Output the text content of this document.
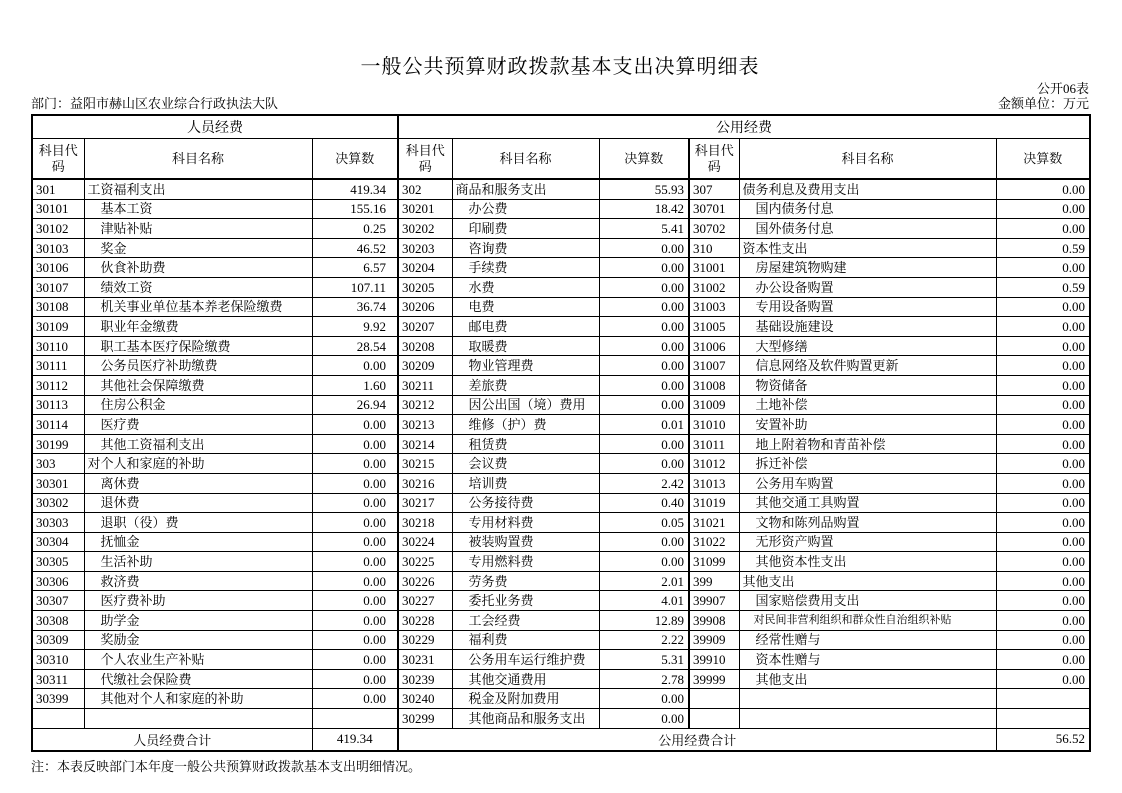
一般公共预算财政拨款基本支出决算明细表
公开06表
部门：益阳市赫山区农业综合行政执法大队	金额单位：万元
人员经费			公用经费					
科目代码	科目名称	决算数	科目代码	科目名称	决算数	科目代码	科目名称	决算数
301	工资福利支出	419.34	302	商品和服务支出	55.93	307	债务利息及费用支出	0.00
30101	　基本工资	155.16	30201	　办公费	18.42	30701	　国内债务付息	0.00
30102	　津贴补贴	0.25	30202	　印刷费	5.41	30702	　国外债务付息	0.00
30103	　奖金	46.52	30203	　咨询费	0.00	310	资本性支出	0.59
30106	　伙食补助费	6.57	30204	　手续费	0.00	31001	　房屋建筑物购建	0.00
30107	　绩效工资	107.11	30205	　水费	0.00	31002	　办公设备购置	0.59
30108	　机关事业单位基本养老保险缴费	36.74	30206	　电费	0.00	31003	　专用设备购置	0.00
30109	　职业年金缴费	9.92	30207	　邮电费	0.00	31005	　基础设施建设	0.00
30110	　职工基本医疗保险缴费	28.54	30208	　取暖费	0.00	31006	　大型修缮	0.00
30111	　公务员医疗补助缴费	0.00	30209	　物业管理费	0.00	31007	　信息网络及软件购置更新	0.00
30112	　其他社会保障缴费	1.60	30211	　差旅费	0.00	31008	　物资储备	0.00
30113	　住房公积金	26.94	30212	　因公出国（境）费用	0.00	31009	　土地补偿	0.00
30114	　医疗费	0.00	30213	　维修（护）费	0.01	31010	　安置补助	0.00
30199	　其他工资福利支出	0.00	30214	　租赁费	0.00	31011	　地上附着物和青苗补偿	0.00
303	对个人和家庭的补助	0.00	30215	　会议费	0.00	31012	　拆迁补偿	0.00
30301	　离休费	0.00	30216	　培训费	2.42	31013	　公务用车购置	0.00
30302	　退休费	0.00	30217	　公务接待费	0.40	31019	　其他交通工具购置	0.00
30303	　退职（役）费	0.00	30218	　专用材料费	0.05	31021	　文物和陈列品购置	0.00
30304	　抚恤金	0.00	30224	　被装购置费	0.00	31022	　无形资产购置	0.00
30305	　生活补助	0.00	30225	　专用燃料费	0.00	31099	　其他资本性支出	0.00
30306	　救济费	0.00	30226	　劳务费	2.01	399	其他支出	0.00
30307	　医疗费补助	0.00	30227	　委托业务费	4.01	39907	　国家赔偿费用支出	0.00
30308	　助学金	0.00	30228	　工会经费	12.89	39908	　对民间非营利组织和群众性自治组织补贴	0.00
30309	　奖励金	0.00	30229	　福利费	2.22	39909	　经常性赠与	0.00
30310	　个人农业生产补贴	0.00	30231	　公务用车运行维护费	5.31	39910	　资本性赠与	0.00
30311	　代缴社会保险费	0.00	30239	　其他交通费用	2.78	39999	　其他支出	0.00
30399	　其他对个人和家庭的补助	0.00	30240	　税金及附加费用	0.00			
			30299	　其他商品和服务支出	0.00			
人员经费合计		419.34	公用经费合计					56.52
注：本表反映部门本年度一般公共预算财政拨款基本支出明细情况。
